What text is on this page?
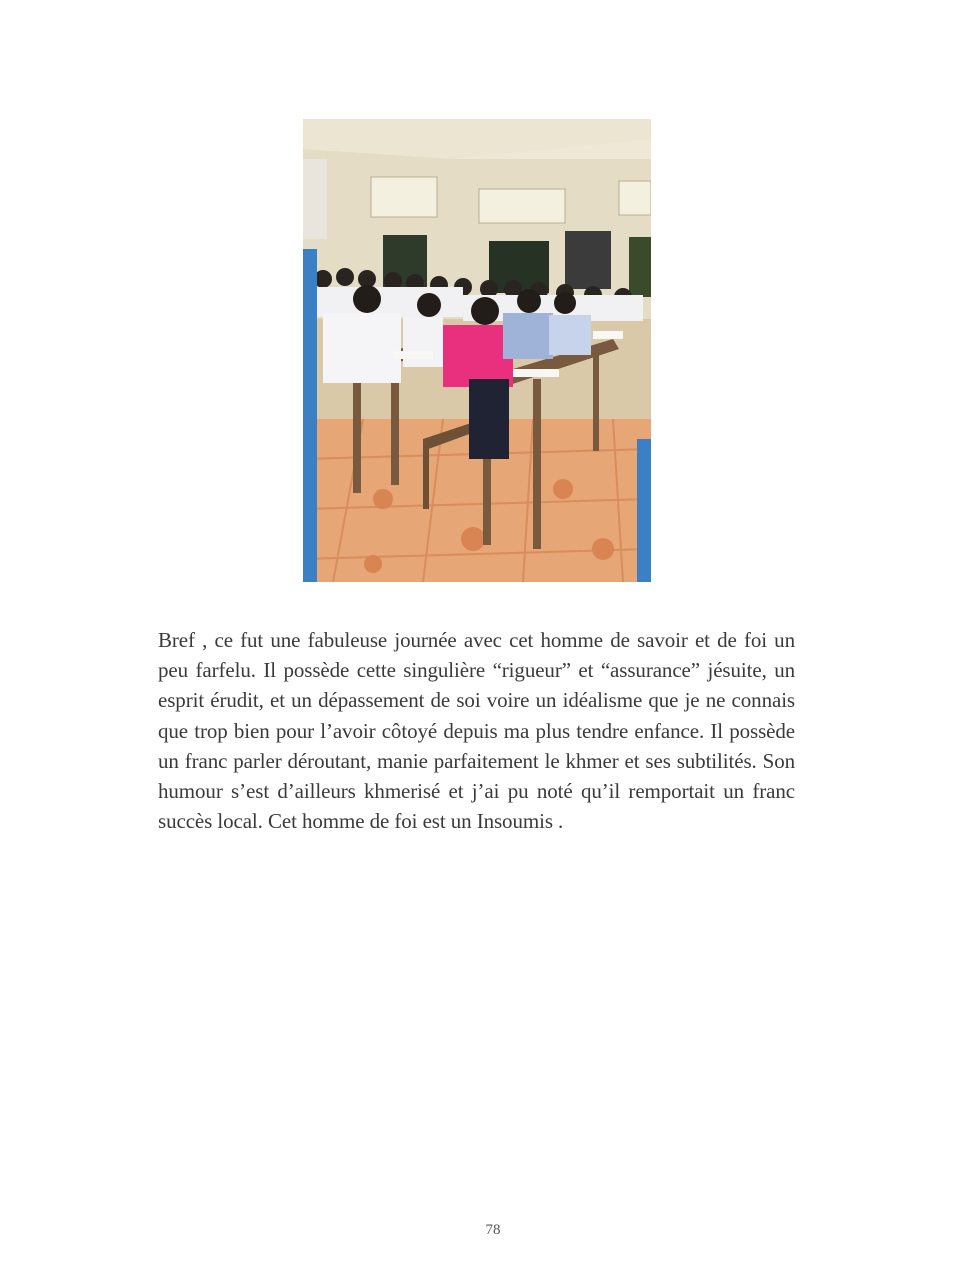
Bref , ce fut une fabuleuse journée avec cet homme de savoir et de foi un peu farfelu. Il possède cette singulière “rigueur” et “assurance” jésuite, un esprit érudit, et un dépassement de soi voire un idéalisme que je ne connais que trop bien pour l’avoir côtoyé depuis ma plus tendre enfance. Il possède un franc parler déroutant, manie parfaitement le khmer et ses subtilités. Son humour s’est d’ailleurs khmerisé et j’ai pu noté qu’il remportait un franc succès local. Cet homme de foi est un Insoumis .

78
